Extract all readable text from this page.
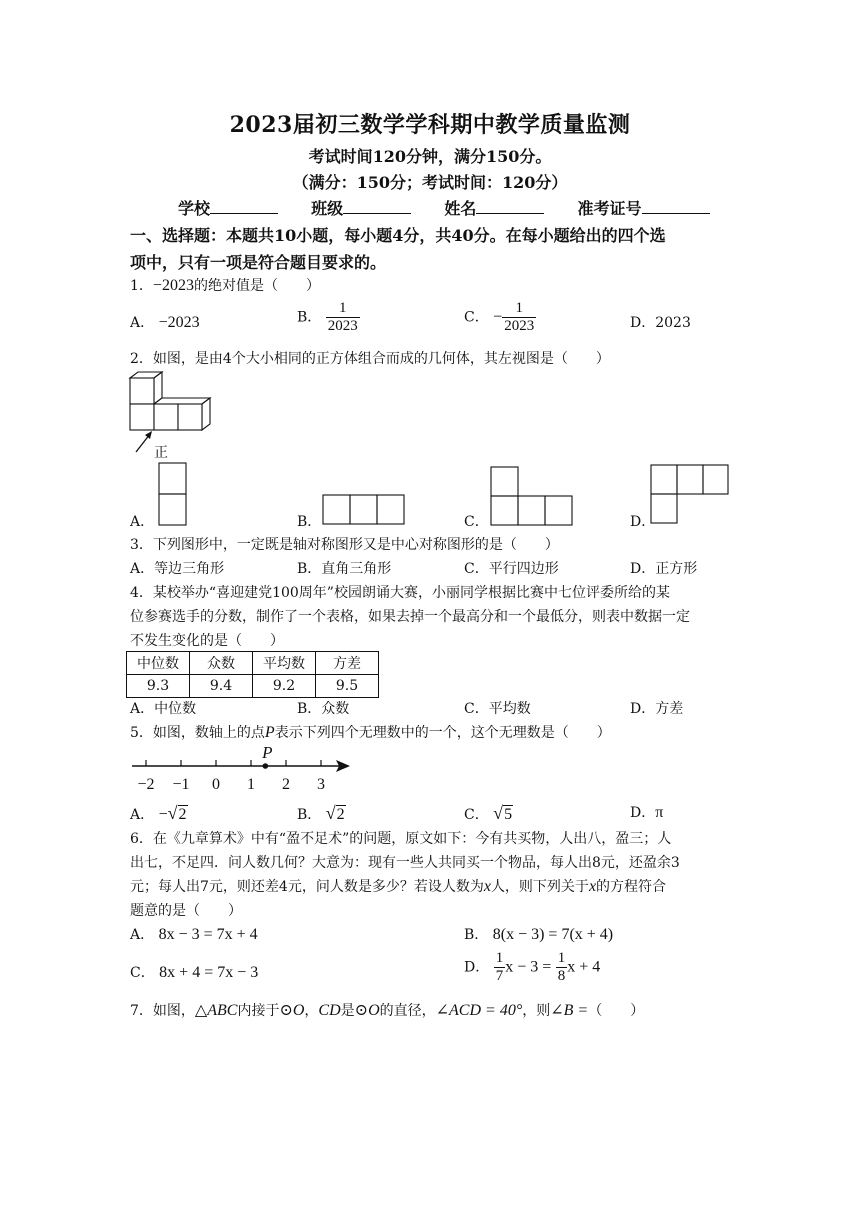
2023届初三数学学科期中教学质量监测
考试时间120分钟，满分150分。
（满分：150分；考试时间：120分）
学校	班级	姓名	准考证号
一、选择题：本题共10小题，每小题4分，共40分。在每小题给出的四个选
项中，只有一项是符合题目要求的。
1．−2023的绝对值是（　　）
A． −2023	B． $\frac{1}{2023}$	C． − $\frac{1}{2023}$	D．2023
2．如图，是由4个大小相同的正方体组合而成的几何体，其左视图是（　　）
正
A．	B．	C．	D．
3．下列图形中，一定既是轴对称图形又是中心对称图形的是（　　）
A．等边三角形	B．直角三角形	C．平行四边形	D．正方形
4．某校举办“喜迎建党100周年”校园朗诵大赛，小丽同学根据比赛中七位评委所给的某
位参赛选手的分数，制作了一个表格，如果去掉一个最高分和一个最低分，则表中数据一定
不发生变化的是（　　）
中位数	众数	平均数	方差
9.3	9.4	9.2	9.5
A．中位数	B．众数	C．平均数	D．方差
5．如图，数轴上的点P表示下列四个无理数中的一个，这个无理数是（　　）
−2 −1 0 1 2 3
P
A． −√2	B． √2	C． √5	D．π
6．在《九章算术》中有“盈不足术”的问题，原文如下：今有共买物，人出八，盈三；人
出七，不足四．问人数几何？大意为：现有一些人共同买一个物品，每人出8元，还盈余3
元；每人出7元，则还差4元，问人数是多少？若设人数为x人，则下列关于x的方程符合
题意的是（　　）
A． 8x − 3 = 7x + 4	B． 8(x − 3) = 7(x + 4)
C． 8x + 4 = 7x − 3	D． $\frac{1}{7}$ $x - 3 = \frac{1}{8}$ x + 4
7．如图，△ABC内接于⊙O，CD是⊙O的直径，∠ACD = 40°，则∠B =（　　）
